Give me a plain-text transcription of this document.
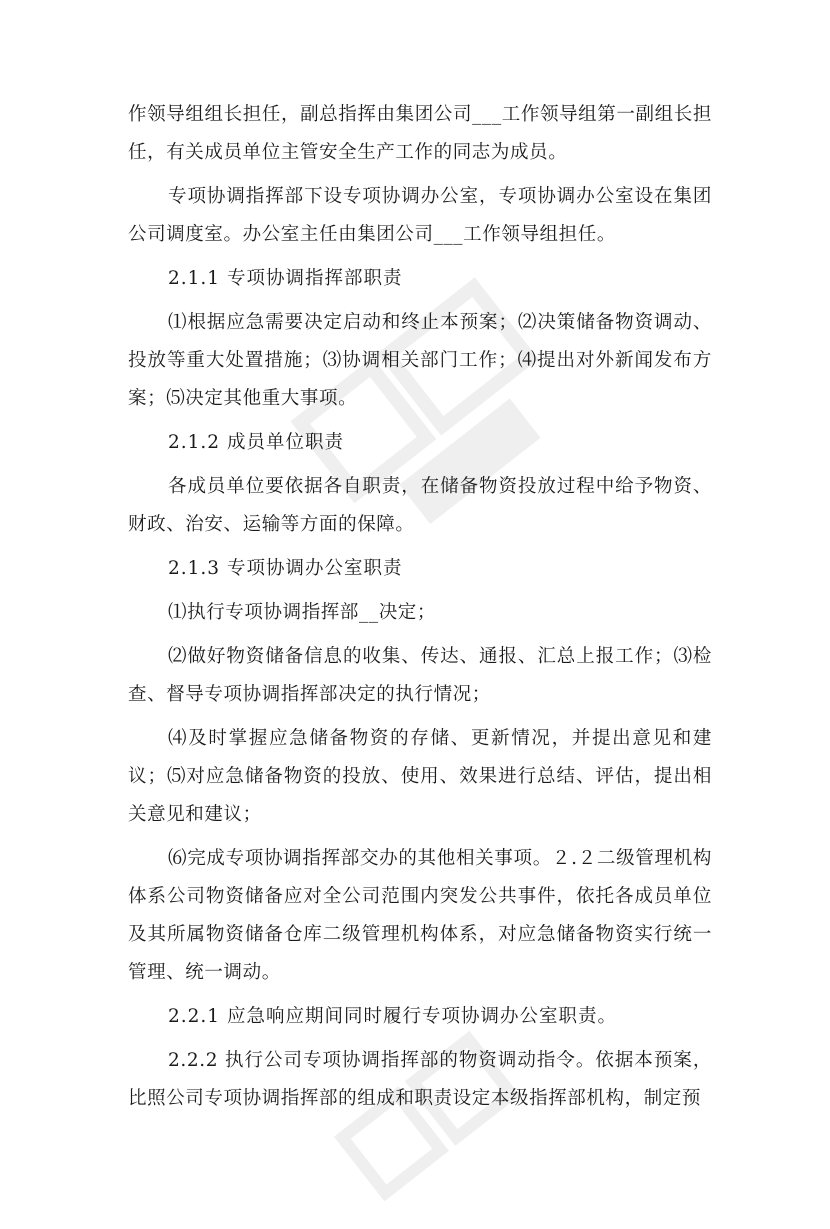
作领导组组长担任，副总指挥由集团公司___工作领导组第一副组长担任，有关成员单位主管安全生产工作的同志为成员。

专项协调指挥部下设专项协调办公室，专项协调办公室设在集团公司调度室。办公室主任由集团公司___工作领导组担任。

2.1.1 专项协调指挥部职责

⑴根据应急需要决定启动和终止本预案；⑵决策储备物资调动、投放等重大处置措施；⑶协调相关部门工作；⑷提出对外新闻发布方案；⑸决定其他重大事项。

2.1.2 成员单位职责

各成员单位要依据各自职责，在储备物资投放过程中给予物资、财政、治安、运输等方面的保障。

2.1.3 专项协调办公室职责

⑴执行专项协调指挥部__决定；

⑵做好物资储备信息的收集、传达、通报、汇总上报工作；⑶检查、督导专项协调指挥部决定的执行情况；

⑷及时掌握应急储备物资的存储、更新情况，并提出意见和建议；⑸对应急储备物资的投放、使用、效果进行总结、评估，提出相关意见和建议；

⑹完成专项协调指挥部交办的其他相关事项。２.２二级管理机构体系公司物资储备应对全公司范围内突发公共事件，依托各成员单位及其所属物资储备仓库二级管理机构体系，对应急储备物资实行统一管理、统一调动。

2.2.1 应急响应期间同时履行专项协调办公室职责。

2.2.2 执行公司专项协调指挥部的物资调动指令。依据本预案，比照公司专项协调指挥部的组成和职责设定本级指挥部机构，制定预
